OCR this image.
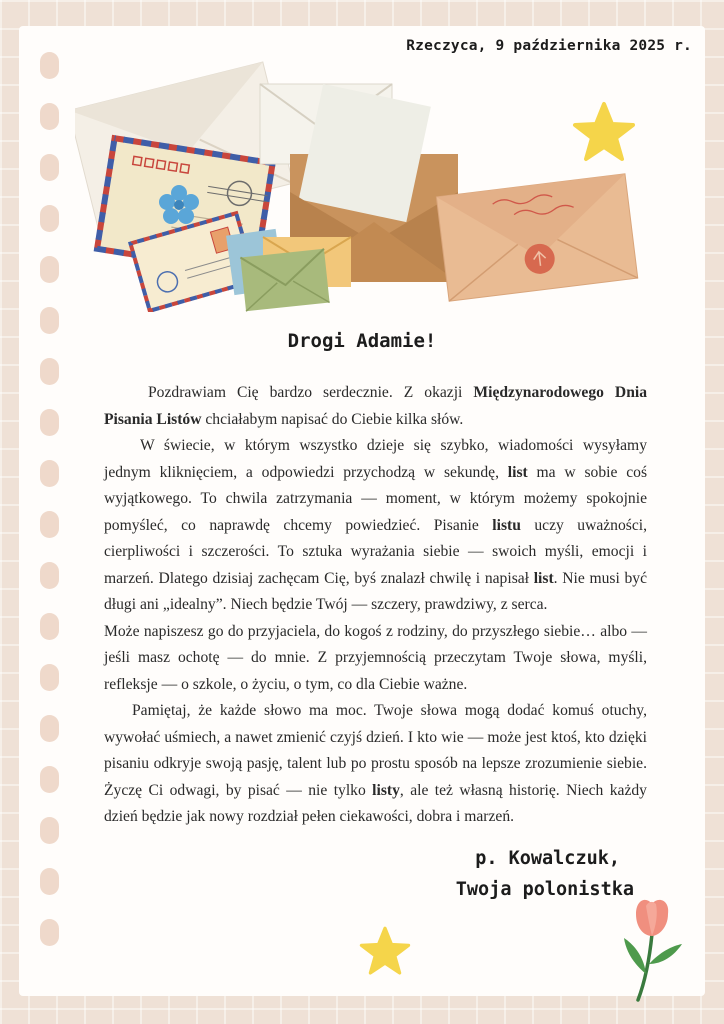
Rzeczyca, 9 października 2025 r.
Drogi Adamie!

Pozdrawiam Cię bardzo serdecznie. Z okazji Międzynarodowego Dnia Pisania Listów chciałabym napisać do Ciebie kilka słów.

W świecie, w którym wszystko dzieje się szybko, wiadomości wysyłamy jednym kliknięciem, a odpowiedzi przychodzą w sekundę, list ma w sobie coś wyjątkowego. To chwila zatrzymania — moment, w którym możemy spokojnie pomyśleć, co naprawdę chcemy powiedzieć. Pisanie listu uczy uważności, cierpliwości i szczerości. To sztuka wyrażania siebie — swoich myśli, emocji i marzeń. Dlatego dzisiaj zachęcam Cię, byś znalazł chwilę i napisał list. Nie musi być długi ani „idealny”. Niech będzie Twój — szczery, prawdziwy, z serca.

Może napiszesz go do przyjaciela, do kogoś z rodziny, do przyszłego siebie… albo — jeśli masz ochotę — do mnie. Z przyjemnością przeczytam Twoje słowa, myśli, refleksje — o szkole, o życiu, o tym, co dla Ciebie ważne.

Pamiętaj, że każde słowo ma moc. Twoje słowa mogą dodać komuś otuchy, wywołać uśmiech, a nawet zmienić czyjś dzień. I kto wie — może jest ktoś, kto dzięki pisaniu odkryje swoją pasję, talent lub po prostu sposób na lepsze zrozumienie siebie. Życzę Ci odwagi, by pisać — nie tylko listy, ale też własną historię. Niech każdy dzień będzie jak nowy rozdział pełen ciekawości, dobra i marzeń.

p. Kowalczuk,
Twoja polonistka
